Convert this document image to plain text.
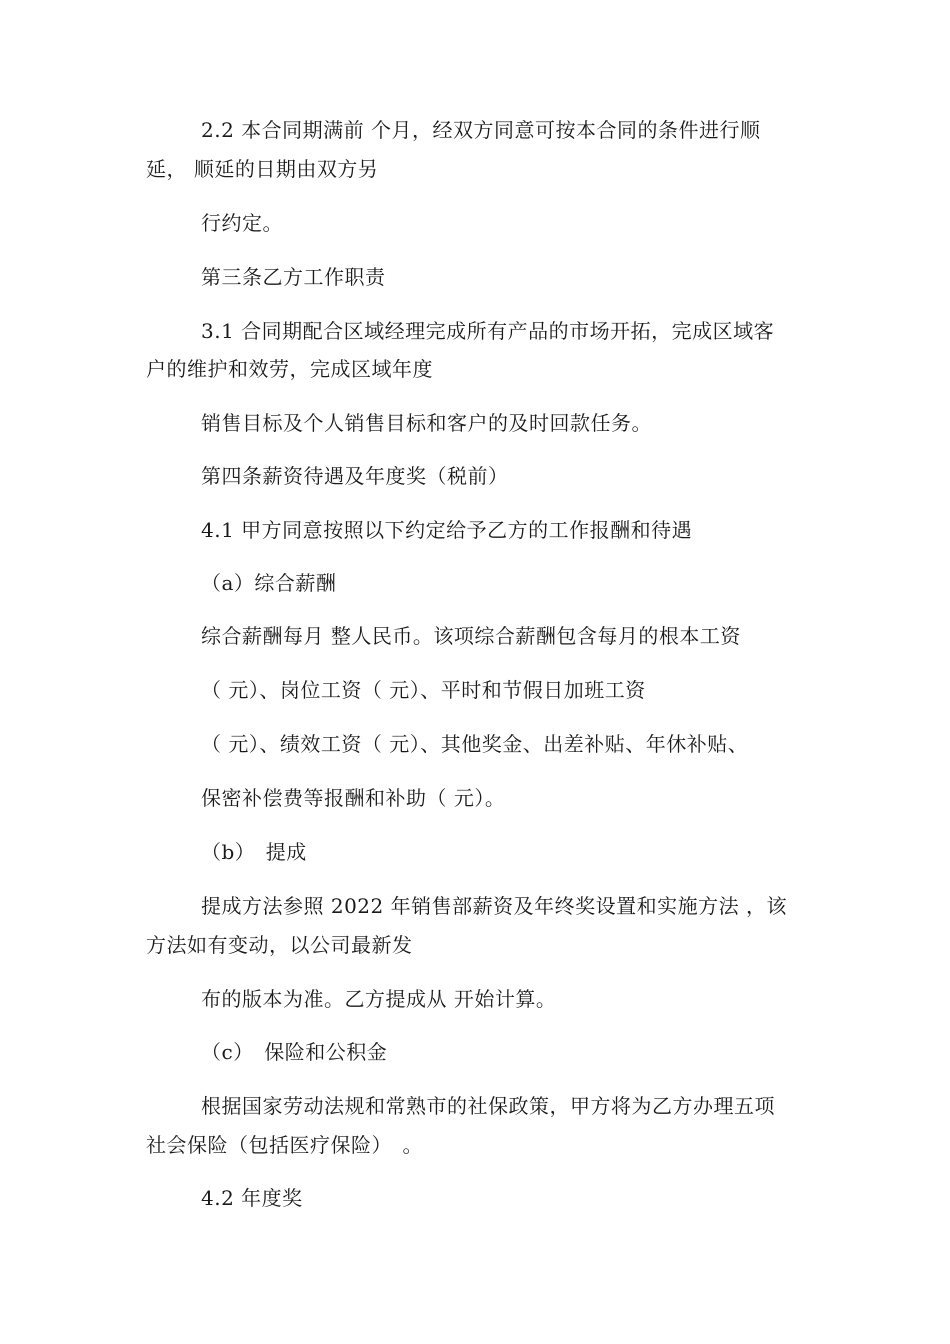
2.2 本合同期满前 个月，经双方同意可按本合同的条件进行顺
延， 顺延的日期由双方另
行约定。
第三条乙方工作职责
3.1 合同期配合区域经理完成所有产品的市场开拓，完成区域客
户的维护和效劳，完成区域年度
销售目标及个人销售目标和客户的及时回款任务。
第四条薪资待遇及年度奖（税前）
4.1 甲方同意按照以下约定给予乙方的工作报酬和待遇
（a）综合薪酬
综合薪酬每月 整人民币。该项综合薪酬包含每月的根本工资
（ 元）、岗位工资（ 元）、平时和节假日加班工资
（ 元）、绩效工资（ 元）、其他奖金、出差补贴、年休补贴、
保密补偿费等报酬和补助（ 元）。
（b）　提成
提成方法参照 2022 年销售部薪资及年终奖设置和实施方法 ，该
方法如有变动，以公司最新发
布的版本为准。乙方提成从 开始计算。
（c）　保险和公积金
根据国家劳动法规和常熟市的社保政策，甲方将为乙方办理五项
社会保险（包括医疗保险）　。
4.2 年度奖
